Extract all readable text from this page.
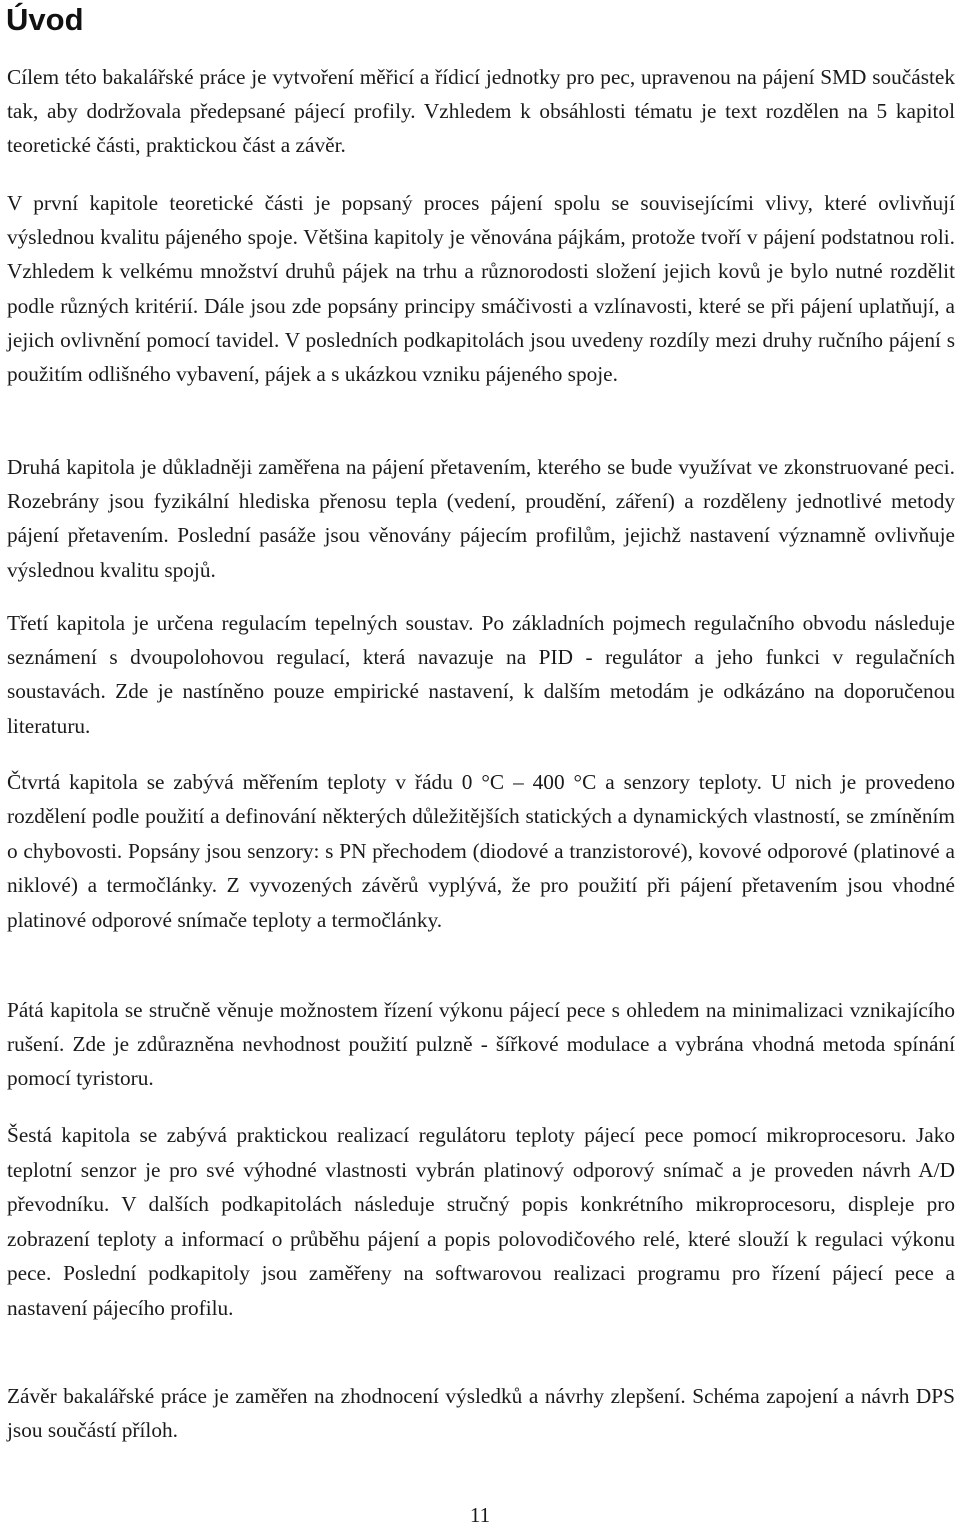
Úvod

Cílem této bakalářské práce je vytvoření měřicí a řídicí jednotky pro pec, upravenou na pájení SMD součástek tak, aby dodržovala předepsané pájecí profily. Vzhledem k obsáhlosti tématu je text rozdělen na 5 kapitol teoretické části, praktickou část a závěr.

V první kapitole teoretické části je popsaný proces pájení spolu se souvisejícími vlivy, které ovlivňují výslednou kvalitu pájeného spoje. Většina kapitoly je věnována pájkám, protože tvoří v pájení podstatnou roli. Vzhledem k velkému množství druhů pájek na trhu a různorodosti složení jejich kovů je bylo nutné rozdělit podle různých kritérií. Dále jsou zde popsány principy smáčivosti a vzlínavosti, které se při pájení uplatňují, a jejich ovlivnění pomocí tavidel. V posledních podkapitolách jsou uvedeny rozdíly mezi druhy ručního pájení s použitím odlišného vybavení, pájek a s ukázkou vzniku pájeného spoje.

Druhá kapitola je důkladněji zaměřena na pájení přetavením, kterého se bude využívat ve zkonstruované peci. Rozebrány jsou fyzikální hlediska přenosu tepla (vedení, proudění, záření) a rozděleny jednotlivé metody pájení přetavením. Poslední pasáže jsou věnovány pájecím profilům, jejichž nastavení významně ovlivňuje výslednou kvalitu spojů.

Třetí kapitola je určena regulacím tepelných soustav. Po základních pojmech regulačního obvodu následuje seznámení s dvoupolohovou regulací, která navazuje na PID - regulátor a jeho funkci v regulačních soustavách. Zde je nastíněno pouze empirické nastavení, k dalším metodám je odkázáno na doporučenou literaturu.

Čtvrtá kapitola se zabývá měřením teploty v řádu 0 °C – 400 °C a senzory teploty. U nich je provedeno rozdělení podle použití a definování některých důležitějších statických a dynamických vlastností, se zmíněním o chybovosti. Popsány jsou senzory: s PN přechodem (diodové a tranzistorové), kovové odporové (platinové a niklové) a termočlánky. Z vyvozených závěrů vyplývá, že pro použití při pájení přetavením jsou vhodné platinové odporové snímače teploty a termočlánky.

Pátá kapitola se stručně věnuje možnostem řízení výkonu pájecí pece s ohledem na minimalizaci vznikajícího rušení. Zde je zdůrazněna nevhodnost použití pulzně - šířkové modulace a vybrána vhodná metoda spínání pomocí tyristoru.

Šestá kapitola se zabývá praktickou realizací regulátoru teploty pájecí pece pomocí mikroprocesoru. Jako teplotní senzor je pro své výhodné vlastnosti vybrán platinový odporový snímač a je proveden návrh A/D převodníku. V dalších podkapitolách následuje stručný popis konkrétního mikroprocesoru, displeje pro zobrazení teploty a informací o průběhu pájení a popis polovodičového relé, které slouží k regulaci výkonu pece. Poslední podkapitoly jsou zaměřeny na softwarovou realizaci programu pro řízení pájecí pece a nastavení pájecího profilu.

Závěr bakalářské práce je zaměřen na zhodnocení výsledků a návrhy zlepšení. Schéma zapojení a návrh DPS jsou součástí příloh.

11
